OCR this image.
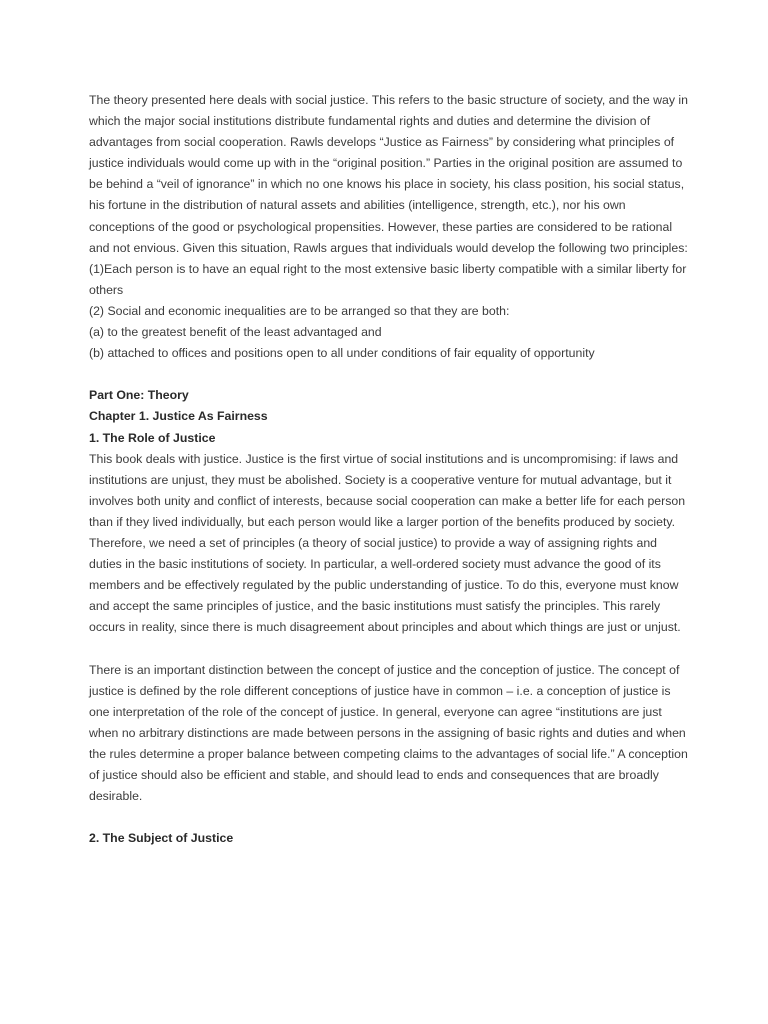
The theory presented here deals with social justice. This refers to the basic structure of society, and the way in which the major social institutions distribute fundamental rights and duties and determine the division of advantages from social cooperation. Rawls develops “Justice as Fairness” by considering what principles of justice individuals would come up with in the “original position.” Parties in the original position are assumed to be behind a “veil of ignorance” in which no one knows his place in society, his class position, his social status, his fortune in the distribution of natural assets and abilities (intelligence, strength, etc.), nor his own conceptions of the good or psychological propensities. However, these parties are considered to be rational and not envious. Given this situation, Rawls argues that individuals would develop the following two principles:

(1)Each person is to have an equal right to the most extensive basic liberty compatible with a similar liberty for others

(2) Social and economic inequalities are to be arranged so that they are both:

(a) to the greatest benefit of the least advantaged and

(b) attached to offices and positions open to all under conditions of fair equality of opportunity

Part One: Theory

Chapter 1. Justice As Fairness

1. The Role of Justice

This book deals with justice. Justice is the first virtue of social institutions and is uncompromising: if laws and institutions are unjust, they must be abolished. Society is a cooperative venture for mutual advantage, but it involves both unity and conflict of interests, because social cooperation can make a better life for each person than if they lived individually, but each person would like a larger portion of the benefits produced by society. Therefore, we need a set of principles (a theory of social justice) to provide a way of assigning rights and duties in the basic institutions of society. In particular, a well-ordered society must advance the good of its members and be effectively regulated by the public understanding of justice. To do this, everyone must know and accept the same principles of justice, and the basic institutions must satisfy the principles. This rarely occurs in reality, since there is much disagreement about principles and about which things are just or unjust.

There is an important distinction between the concept of justice and the conception of justice. The concept of justice is defined by the role different conceptions of justice have in common – i.e. a conception of justice is one interpretation of the role of the concept of justice. In general, everyone can agree “institutions are just when no arbitrary distinctions are made between persons in the assigning of basic rights and duties and when the rules determine a proper balance between competing claims to the advantages of social life.” A conception of justice should also be efficient and stable, and should lead to ends and consequences that are broadly desirable.

2. The Subject of Justice
